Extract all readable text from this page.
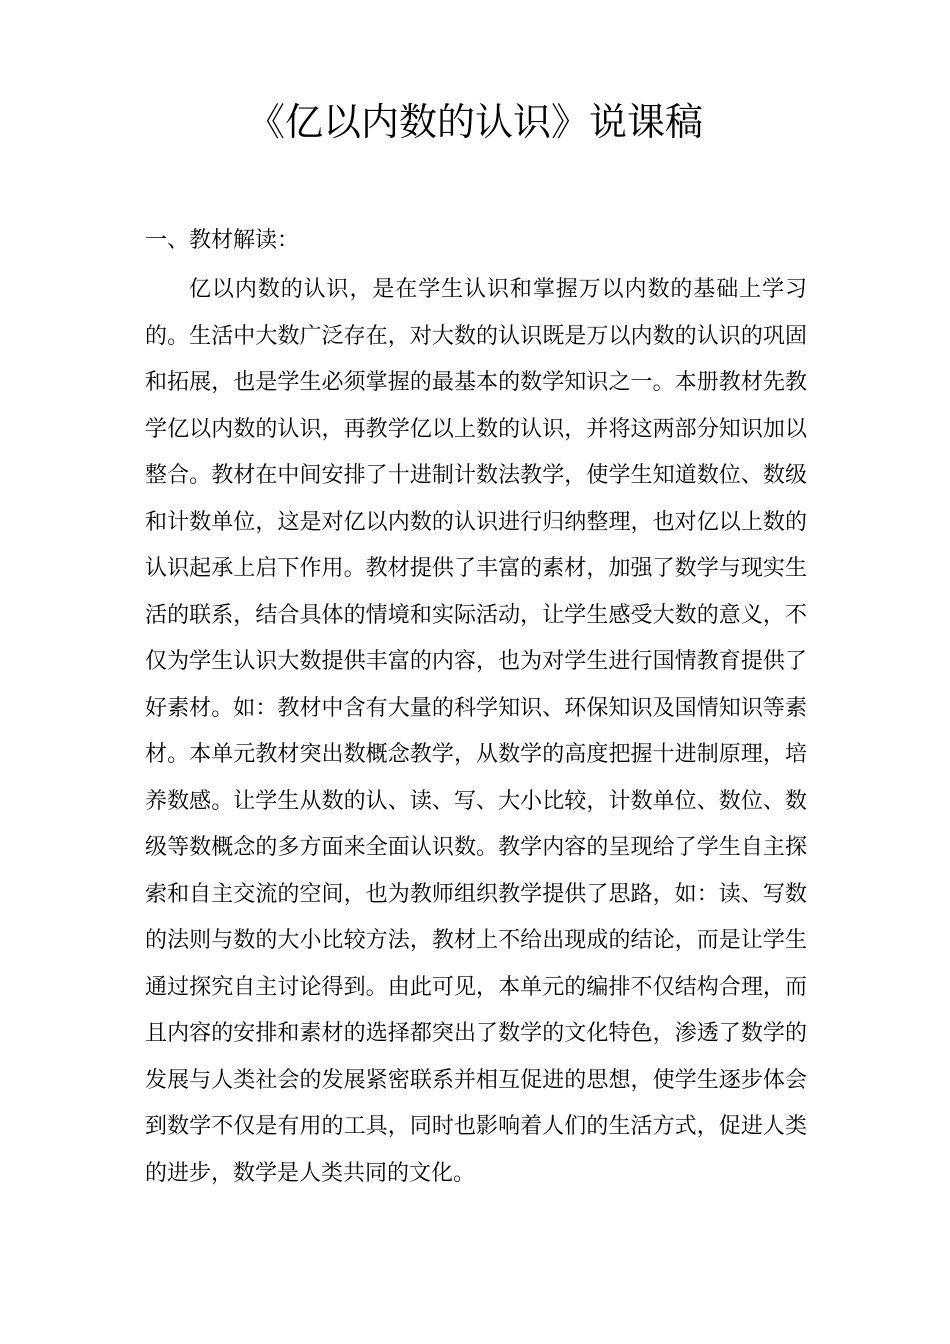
《亿以内数的认识》说课稿

一、教材解读：

亿以内数的认识，是在学生认识和掌握万以内数的基础上学习的。生活中大数广泛存在，对大数的认识既是万以内数的认识的巩固和拓展，也是学生必须掌握的最基本的数学知识之一。本册教材先教学亿以内数的认识，再教学亿以上数的认识，并将这两部分知识加以整合。教材在中间安排了十进制计数法教学，使学生知道数位、数级和计数单位，这是对亿以内数的认识进行归纳整理，也对亿以上数的认识起承上启下作用。教材提供了丰富的素材，加强了数学与现实生活的联系，结合具体的情境和实际活动，让学生感受大数的意义，不仅为学生认识大数提供丰富的内容，也为对学生进行国情教育提供了好素材。如：教材中含有大量的科学知识、环保知识及国情知识等素材。本单元教材突出数概念教学，从数学的高度把握十进制原理，培养数感。让学生从数的认、读、写、大小比较，计数单位、数位、数级等数概念的多方面来全面认识数。教学内容的呈现给了学生自主探索和自主交流的空间，也为教师组织教学提供了思路，如：读、写数的法则与数的大小比较方法，教材上不给出现成的结论，而是让学生通过探究自主讨论得到。由此可见，本单元的编排不仅结构合理，而且内容的安排和素材的选择都突出了数学的文化特色，渗透了数学的发展与人类社会的发展紧密联系并相互促进的思想，使学生逐步体会到数学不仅是有用的工具，同时也影响着人们的生活方式，促进人类的进步，数学是人类共同的文化。
